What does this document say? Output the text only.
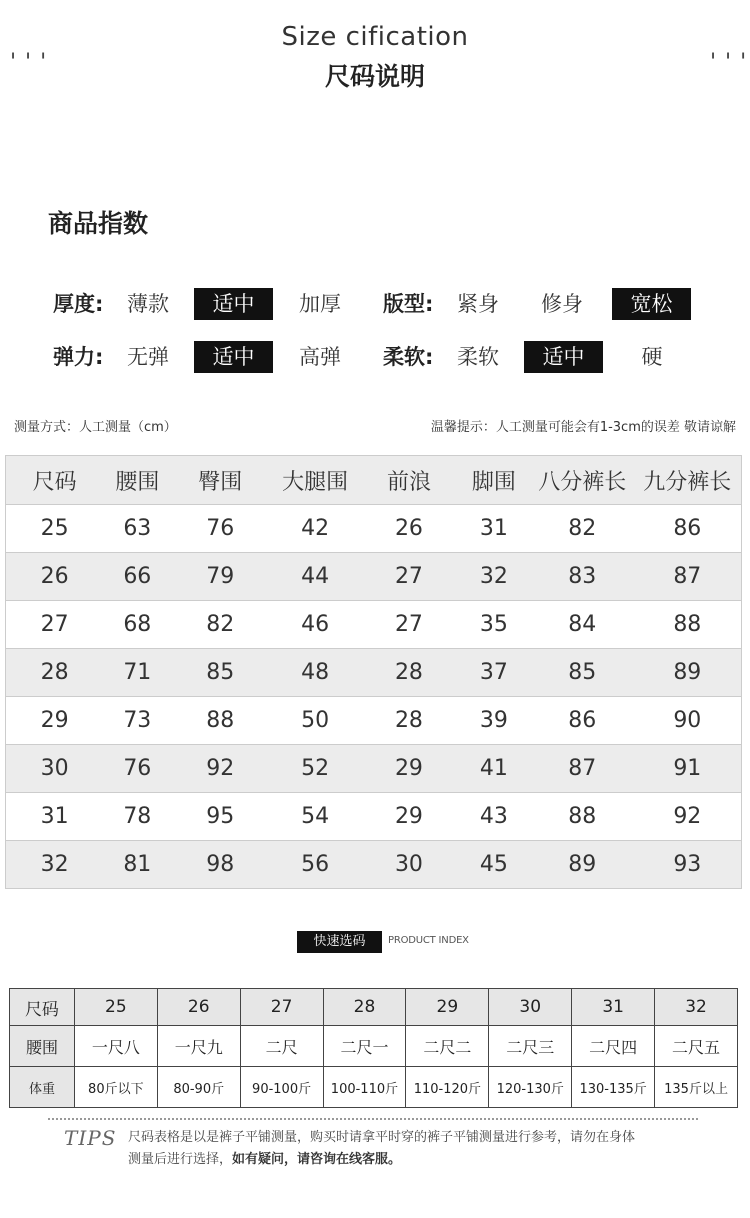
Size cification
尺码说明
' ' '	' ' '
商品指数
厚度:	薄款	适中	加厚	版型:	紧身	修身	宽松
弹力:	无弹	适中	高弹	柔软:	柔软	适中	硬
测量方式：人工测量（cm）	温馨提示：人工测量可能会有1-3cm的误差 敬请谅解
尺码	腰围	臀围	大腿围	前浪	脚围	八分裤长	九分裤长
25	63	76	42	26	31	82	86
26	66	79	44	27	32	83	87
27	68	82	46	27	35	84	88
28	71	85	48	28	37	85	89
29	73	88	50	28	39	86	90
30	76	92	52	29	41	87	91
31	78	95	54	29	43	88	92
32	81	98	56	30	45	89	93
快速选码	PRODUCT INDEX
尺码	25	26	27	28	29	30	31	32
腰围	一尺八	一尺九	二尺	二尺一	二尺二	二尺三	二尺四	二尺五
体重	80斤以下	80-90斤	90-100斤	100-110斤	110-120斤	120-130斤	130-135斤	135斤以上
TIPS 尺码表格是以是裤子平铺测量，购买时请拿平时穿的裤子平铺测量进行参考，请勿在身体
测量后进行选择，如有疑问，请咨询在线客服。
